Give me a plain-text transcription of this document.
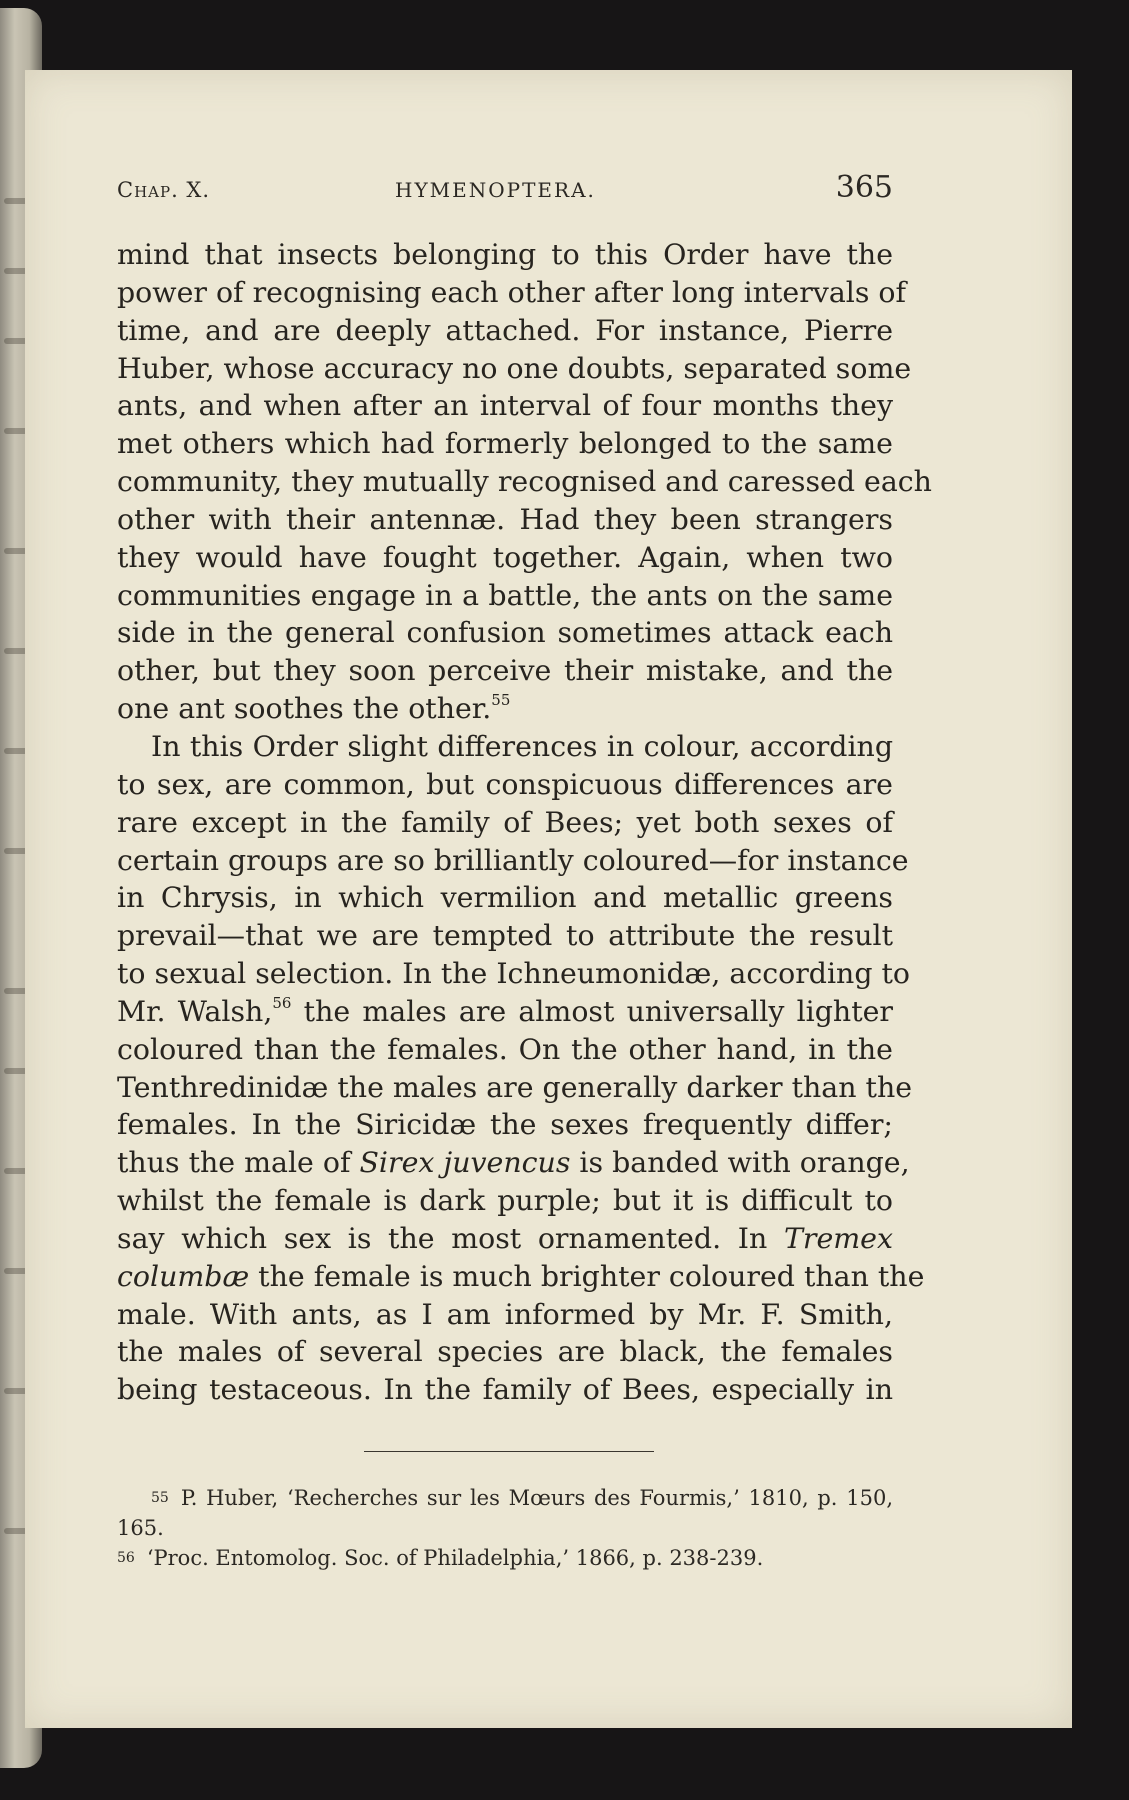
Chap. X.	HYMENOPTERA.	365
mind that insects belonging to this Order have the
power of recognising each other after long intervals of
time, and are deeply attached. For instance, Pierre
Huber, whose accuracy no one doubts, separated some
ants, and when after an interval of four months they
met others which had formerly belonged to the same
community, they mutually recognised and caressed each
other with their antennæ. Had they been strangers
they would have fought together. Again, when two
communities engage in a battle, the ants on the same
side in the general confusion sometimes attack each
other, but they soon perceive their mistake, and the
one ant soothes the other.$^{55}$
In this Order slight differences in colour, according
to sex, are common, but conspicuous differences are
rare except in the family of Bees; yet both sexes of
certain groups are so brilliantly coloured—for instance
in Chrysis, in which vermilion and metallic greens
prevail—that we are tempted to attribute the result
to sexual selection. In the Ichneumonidæ, according to
Mr. Walsh,$^{56}$ the males are almost universally lighter
coloured than the females. On the other hand, in the
Tenthredinidæ the males are generally darker than the
females. In the Siricidæ the sexes frequently differ;
thus the male of Sirex juvencus is banded with orange,
whilst the female is dark purple; but it is difficult to
say which sex is the most ornamented. In Tremex
columbæ the female is much brighter coloured than the
male. With ants, as I am informed by Mr. F. Smith,
the males of several species are black, the females
being testaceous. In the family of Bees, especially in
$^{55}$ P. Huber, ‘Recherches sur les Mœurs des Fourmis,’ 1810, p. 150,
165.
$^{56}$ ‘Proc. Entomolog. Soc. of Philadelphia,’ 1866, p. 238-239.
